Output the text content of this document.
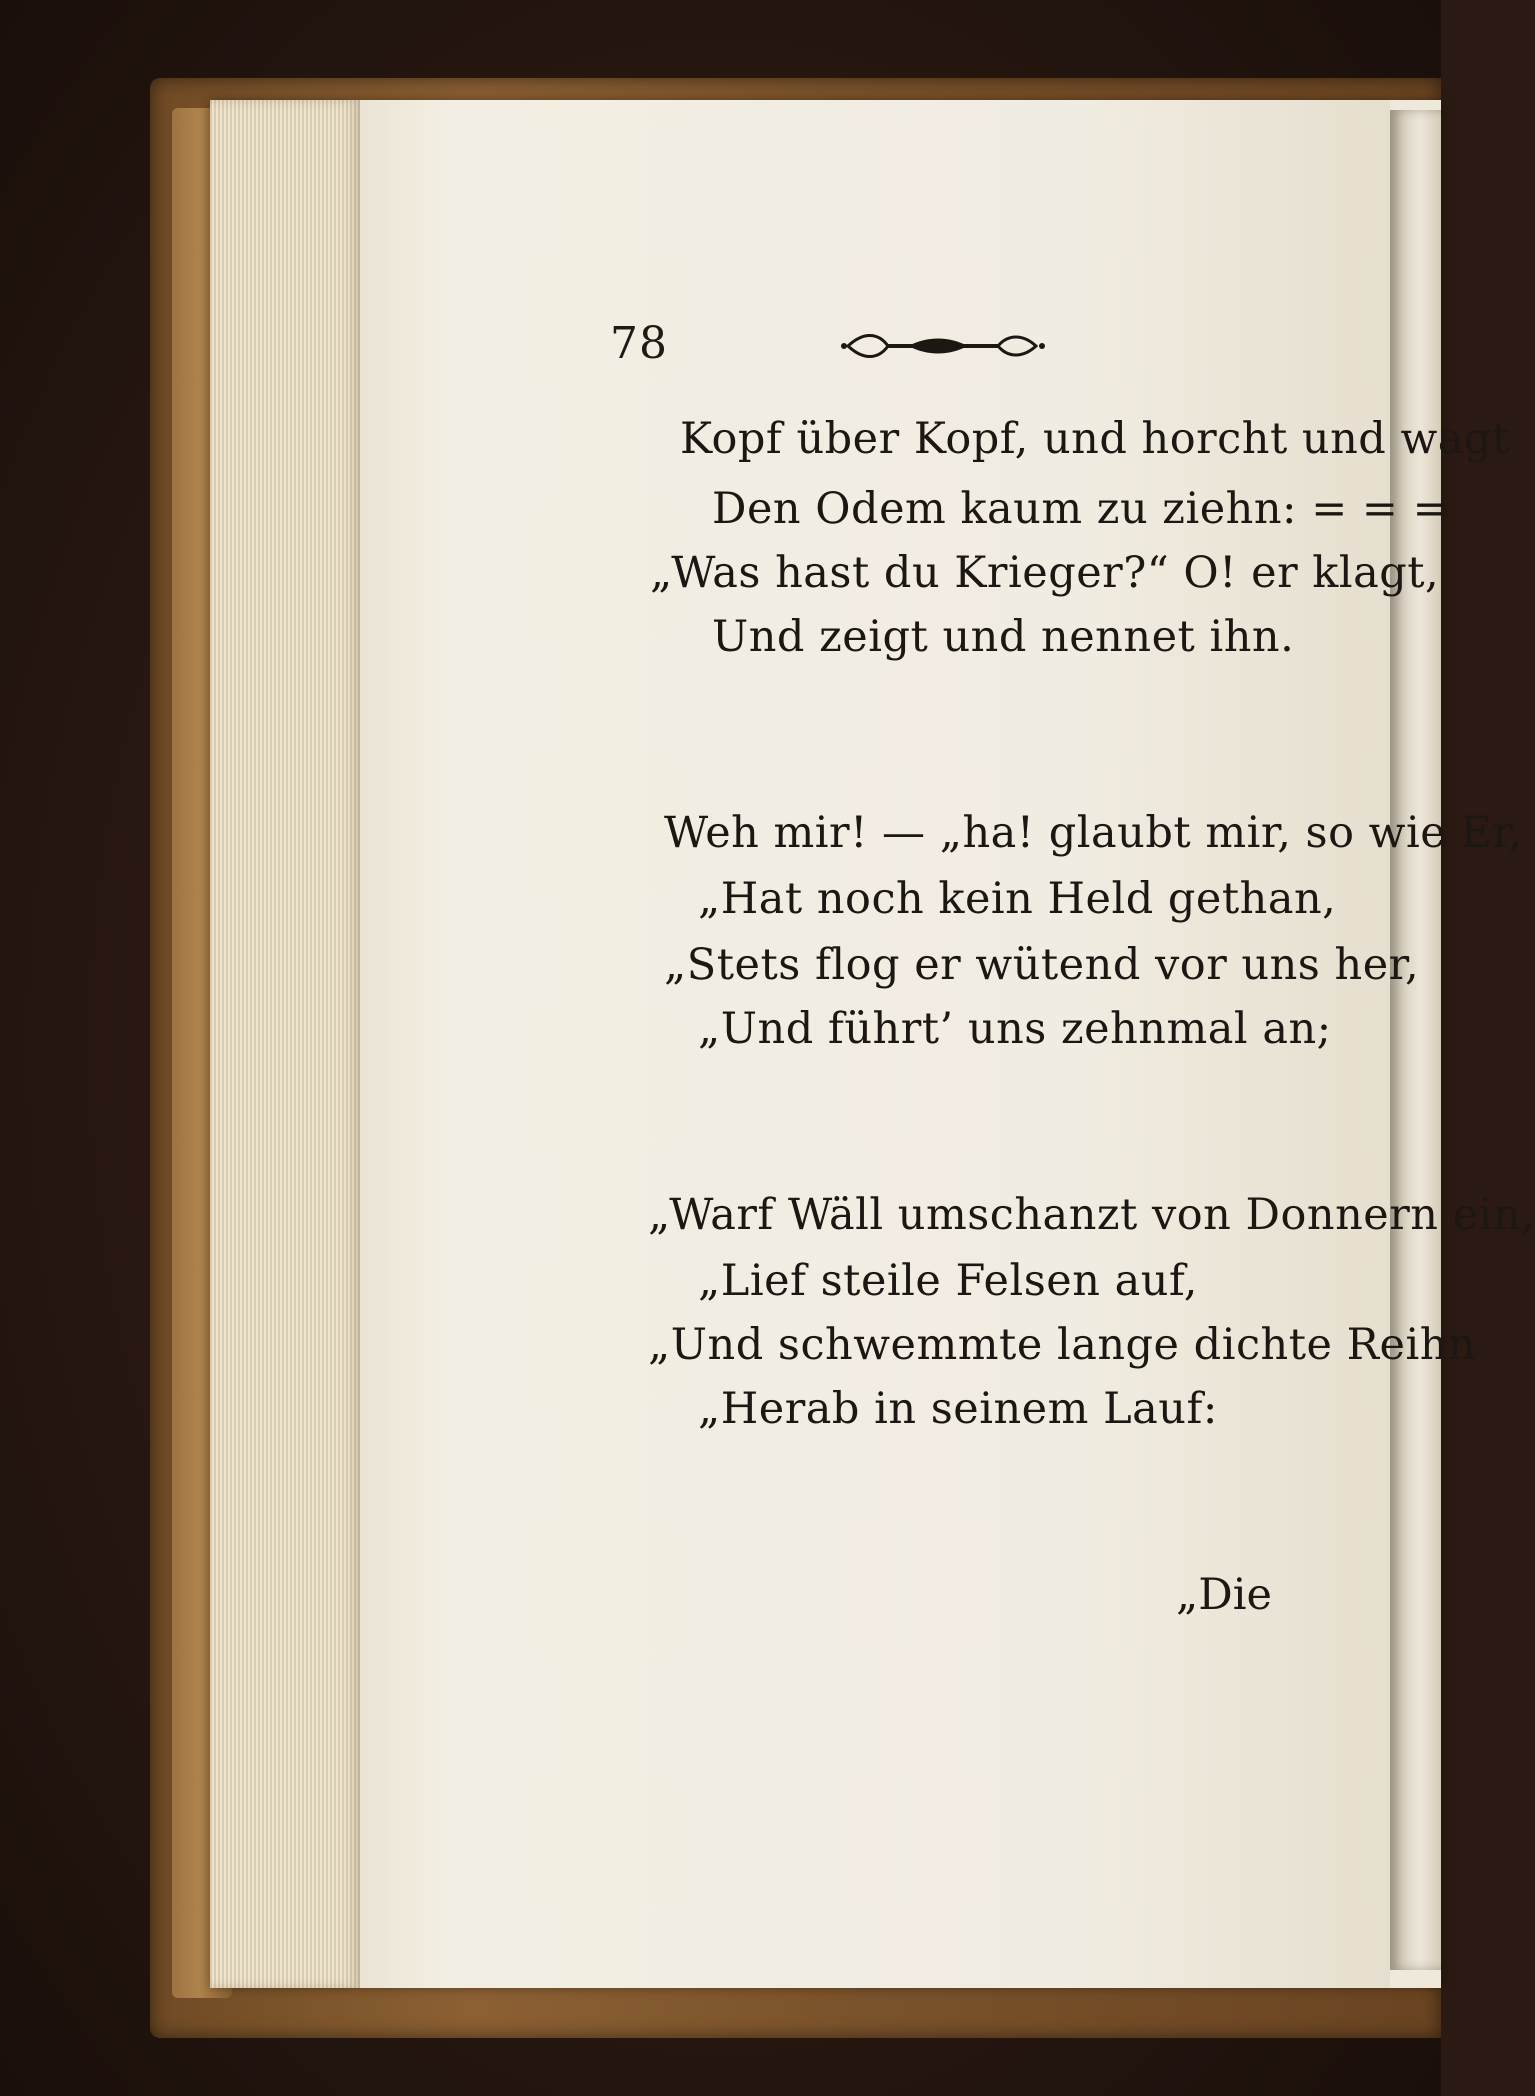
78
Kopf über Kopf, und horcht und wagt
Den Odem kaum zu ziehn: = = =
„Was hast du Krieger?“ O! er klagt,
Und zeigt und nennet ihn.
Weh mir! — „ha! glaubt mir, so wie Er,
„Hat noch kein Held gethan,
„Stets flog er wütend vor uns her,
„Und führt’ uns zehnmal an;
„Warf Wäll umschanzt von Donnern ein,
„Lief steile Felsen auf,
„Und schwemmte lange dichte Reihn
„Herab in seinem Lauf:
„Die
